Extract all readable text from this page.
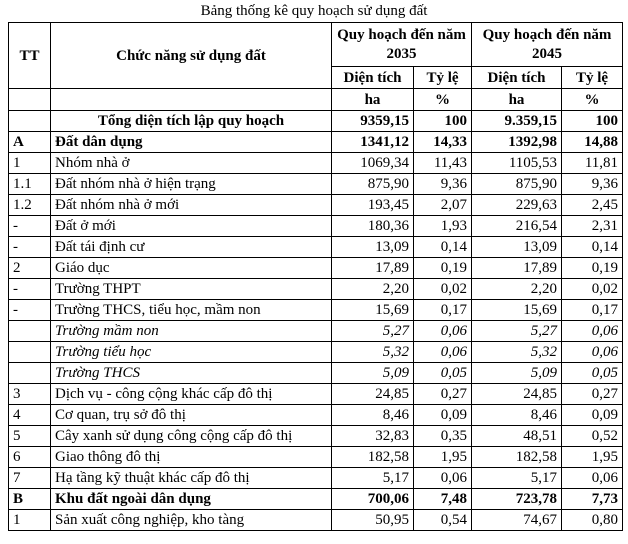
Bảng thống kê quy hoạch sử dụng đất
TT	Chức năng sử dụng đất	Quy hoạch đến năm 2035		Quy hoạch đến năm 2045	
		Diện tích	Tỷ lệ	Diện tích	Tỷ lệ
		ha	%	ha	%
	Tổng diện tích lập quy hoạch	9359,15	100	9.359,15	100
A	Đất dân dụng	1341,12	14,33	1392,98	14,88
1	Nhóm nhà ở	1069,34	11,43	1105,53	11,81
1.1	Đất nhóm nhà ở hiện trạng	875,90	9,36	875,90	9,36
1.2	Đất nhóm nhà ở mới	193,45	2,07	229,63	2,45
-	Đất ở mới	180,36	1,93	216,54	2,31
-	Đất tái định cư	13,09	0,14	13,09	0,14
2	Giáo dục	17,89	0,19	17,89	0,19
-	Trường THPT	2,20	0,02	2,20	0,02
-	Trường THCS, tiểu học, mầm non	15,69	0,17	15,69	0,17
	Trường mầm non	5,27	0,06	5,27	0,06
	Trường tiểu học	5,32	0,06	5,32	0,06
	Trường THCS	5,09	0,05	5,09	0,05
3	Dịch vụ - công cộng khác cấp đô thị	24,85	0,27	24,85	0,27
4	Cơ quan, trụ sở đô thị	8,46	0,09	8,46	0,09
5	Cây xanh sử dụng công cộng cấp đô thị	32,83	0,35	48,51	0,52
6	Giao thông đô thị	182,58	1,95	182,58	1,95
7	Hạ tầng kỹ thuật khác cấp đô thị	5,17	0,06	5,17	0,06
B	Khu đất ngoài dân dụng	700,06	7,48	723,78	7,73
1	Sản xuất công nghiệp, kho tàng	50,95	0,54	74,67	0,80
